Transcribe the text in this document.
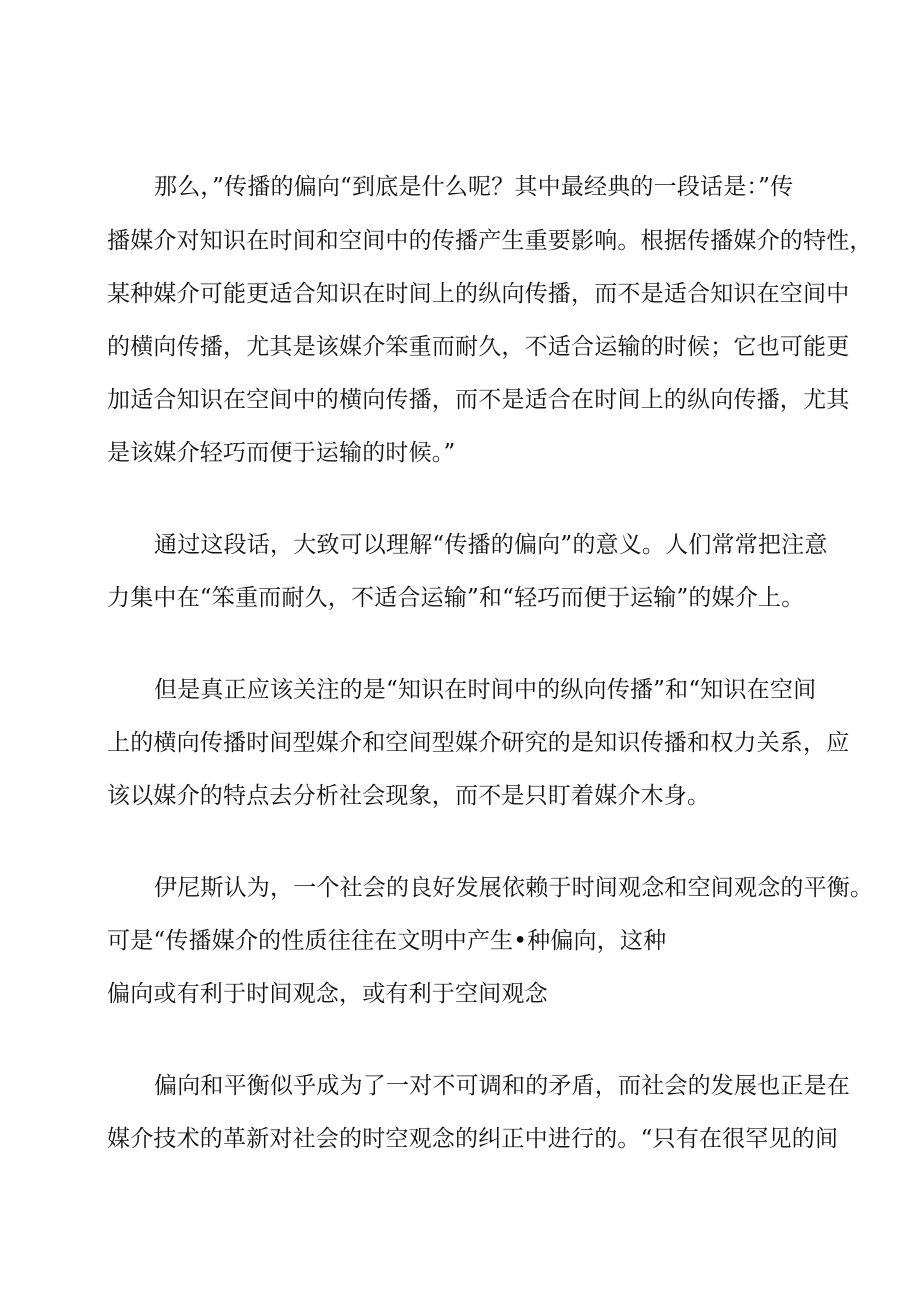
那么，”传播的偏向“到底是什么呢？其中最经典的一段话是：”传
播媒介对知识在时间和空间中的传播产生重要影响。根据传播媒介的特性，
某种媒介可能更适合知识在时间上的纵向传播，而不是适合知识在空间中
的横向传播，尤其是该媒介笨重而耐久，不适合运输的时候；它也可能更
加适合知识在空间中的横向传播，而不是适合在时间上的纵向传播，尤其
是该媒介轻巧而便于运输的时候。”
通过这段话，大致可以理解“传播的偏向”的意义。人们常常把注意
力集中在“笨重而耐久，不适合运输”和“轻巧而便于运输”的媒介上。
但是真正应该关注的是“知识在时间中的纵向传播”和“知识在空间
上的横向传播时间型媒介和空间型媒介研究的是知识传播和权力关系，应
该以媒介的特点去分析社会现象，而不是只盯着媒介木身。
伊尼斯认为，一个社会的良好发展依赖于时间观念和空间观念的平衡。
可是“传播媒介的性质往往在文明中产生•种偏向，这种
偏向或有利于时间观念，或有利于空间观念
偏向和平衡似乎成为了一对不可调和的矛盾，而社会的发展也正是在
媒介技术的革新对社会的时空观念的纠正中进行的。“只有在很罕见的间
